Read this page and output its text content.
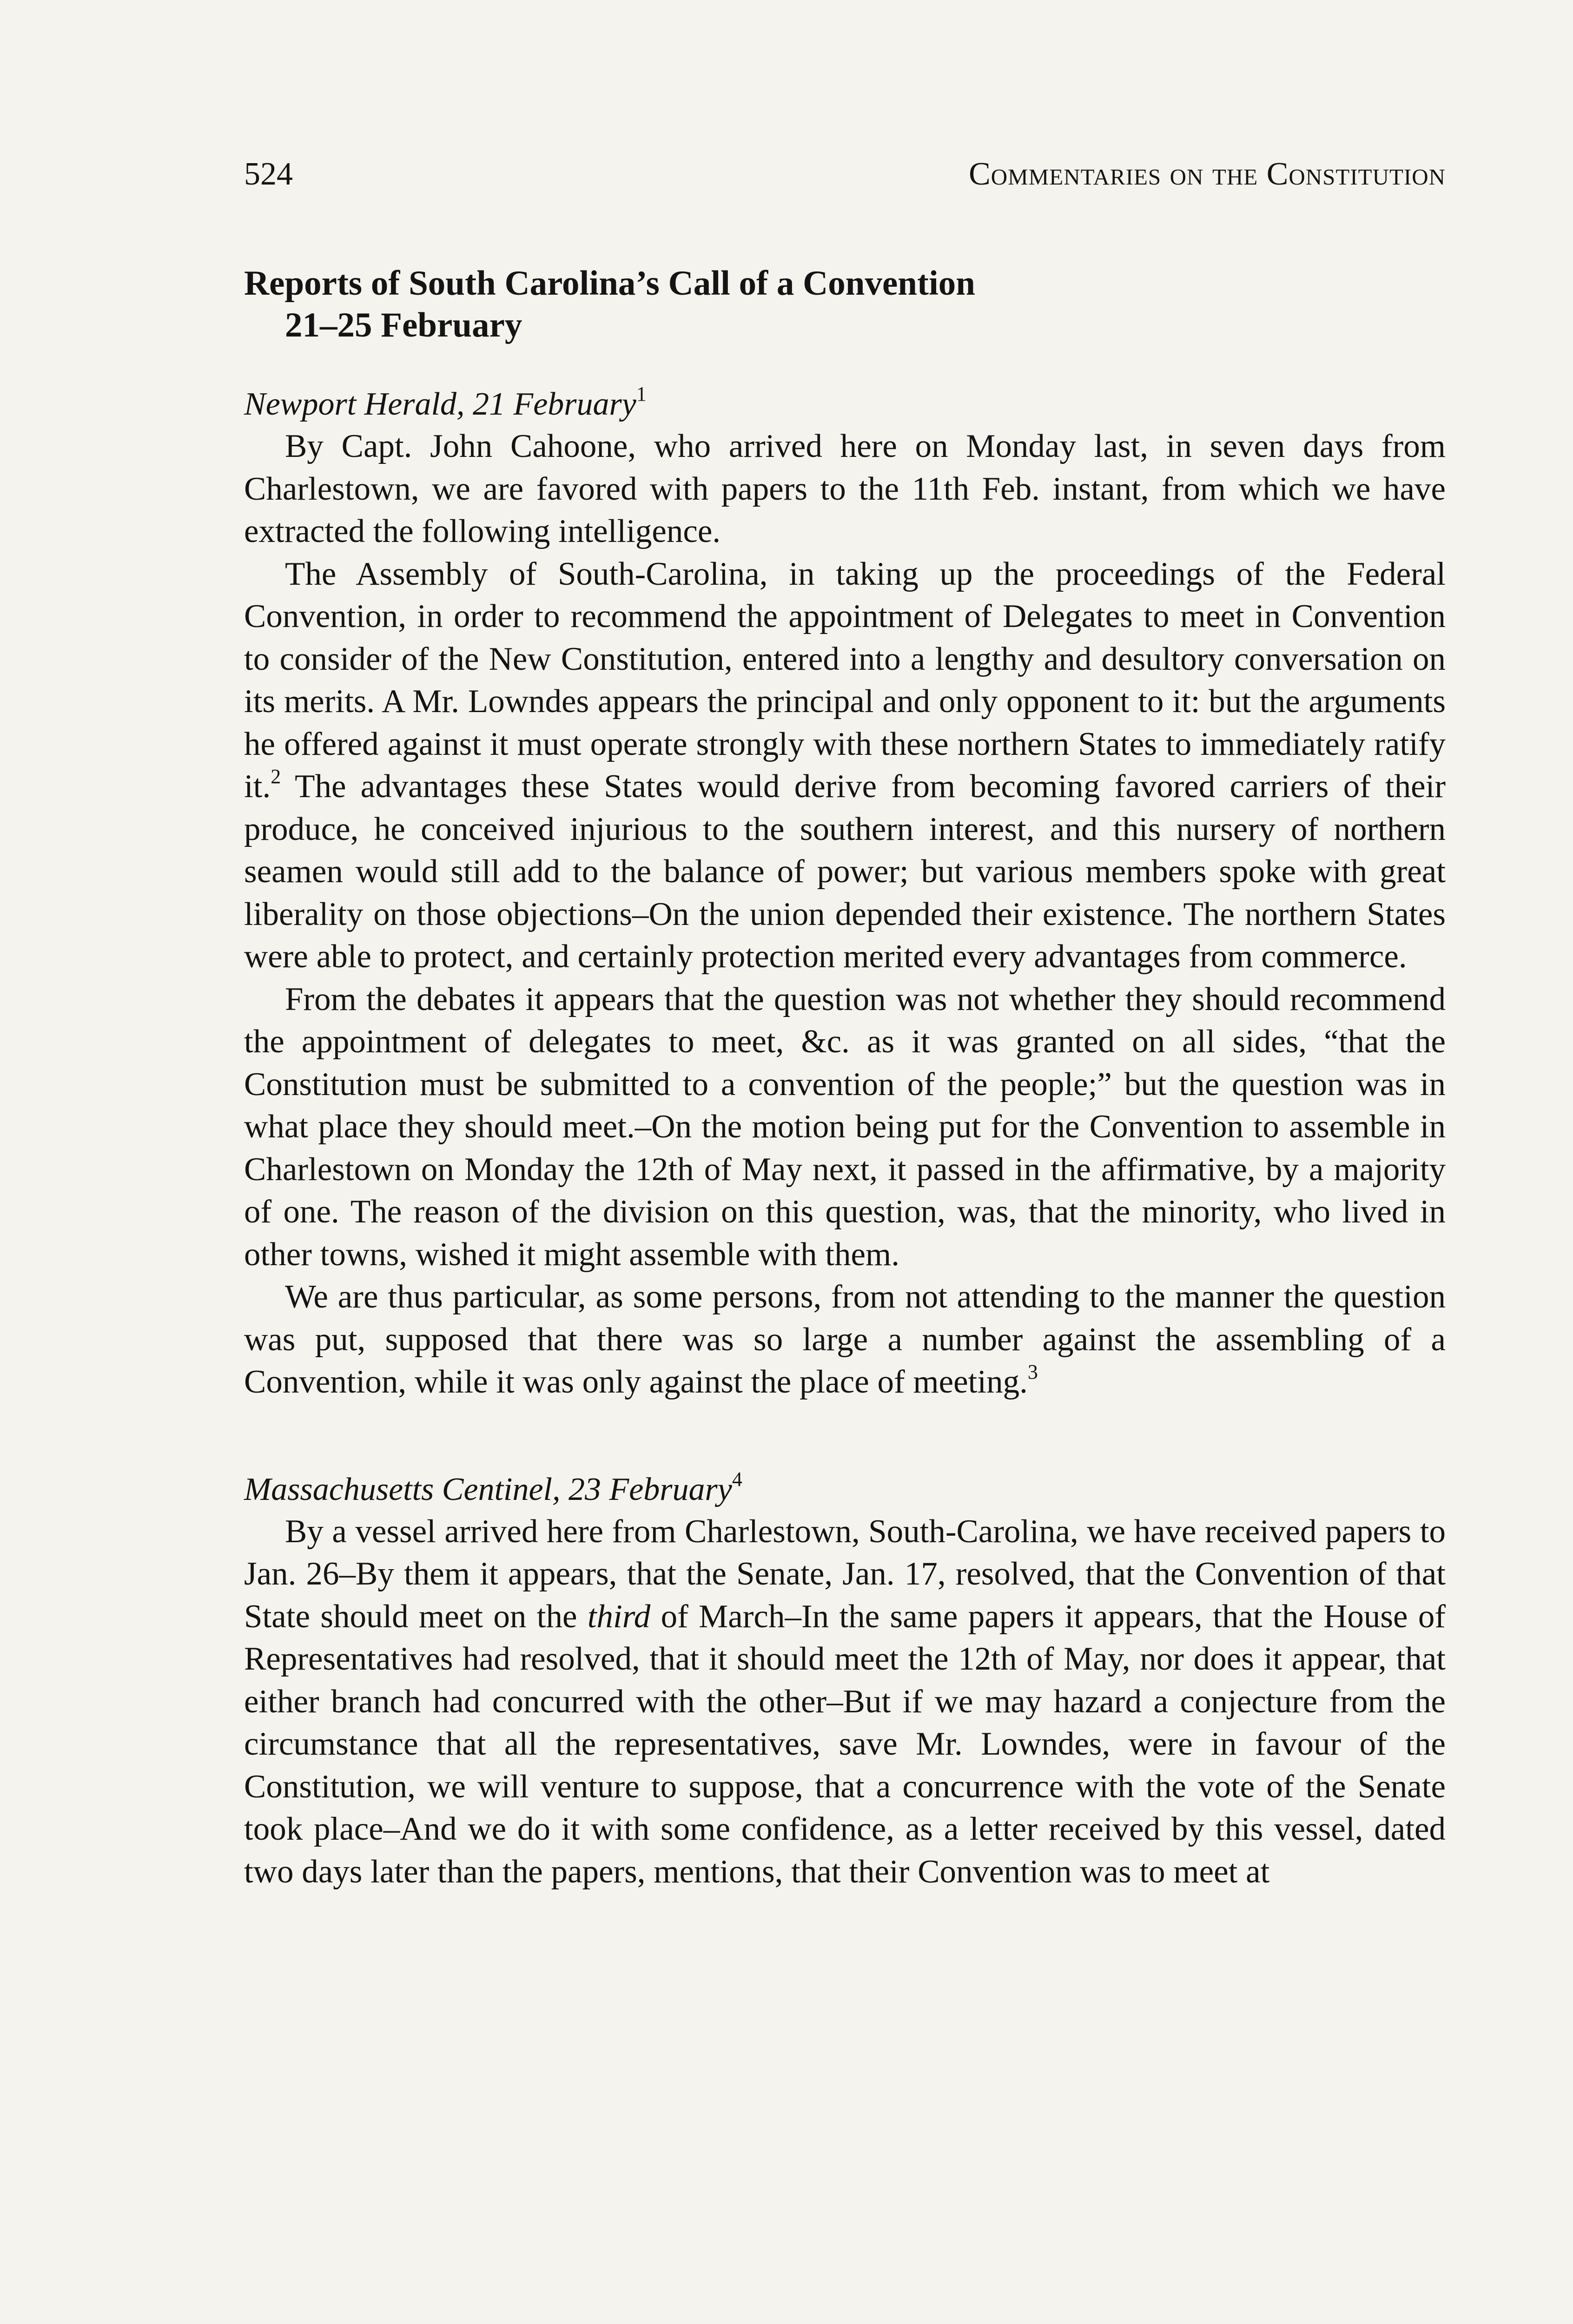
524	Commentaries on the Constitution
Reports of South Carolina’s Call of a Convention
21–25 February
Newport Herald, 21 February$^1$

By Capt. John Cahoone, who arrived here on Monday last, in seven days from Charlestown, we are favored with papers to the 11th Feb. instant, from which we have extracted the following intelligence.

The Assembly of South-Carolina, in taking up the proceedings of the Federal Convention, in order to recommend the appointment of Delegates to meet in Convention to consider of the New Constitution, entered into a lengthy and desultory conversation on its merits. A Mr. Lowndes appears the principal and only opponent to it: but the arguments he offered against it must operate strongly with these northern States to immediately ratify it.$^2$ The advantages these States would derive from becoming favored carriers of their produce, he conceived injurious to the southern interest, and this nursery of northern seamen would still add to the balance of power; but various members spoke with great liberality on those objections–On the union depended their existence. The northern States were able to protect, and certainly protection merited every advantages from commerce.

From the debates it appears that the question was not whether they should recommend the appointment of delegates to meet, &c. as it was granted on all sides, “that the Constitution must be submitted to a convention of the people;” but the question was in what place they should meet.–On the motion being put for the Convention to assemble in Charlestown on Monday the 12th of May next, it passed in the affirmative, by a majority of one. The reason of the division on this question, was, that the minority, who lived in other towns, wished it might assemble with them.

We are thus particular, as some persons, from not attending to the manner the question was put, supposed that there was so large a number against the assembling of a Convention, while it was only against the place of meeting.$^3$

Massachusetts Centinel, 23 February$^4$

By a vessel arrived here from Charlestown, South-Carolina, we have received papers to Jan. 26–By them it appears, that the Senate, Jan. 17, resolved, that the Convention of that State should meet on the third of March–In the same papers it appears, that the House of Representatives had resolved, that it should meet the 12th of May, nor does it appear, that either branch had concurred with the other–But if we may hazard a conjecture from the circumstance that all the representatives, save Mr. Lowndes, were in favour of the Constitution, we will venture to suppose, that a concurrence with the vote of the Senate took place–And we do it with some confidence, as a letter received by this vessel, dated two days later than the papers, mentions, that their Convention was to meet at
